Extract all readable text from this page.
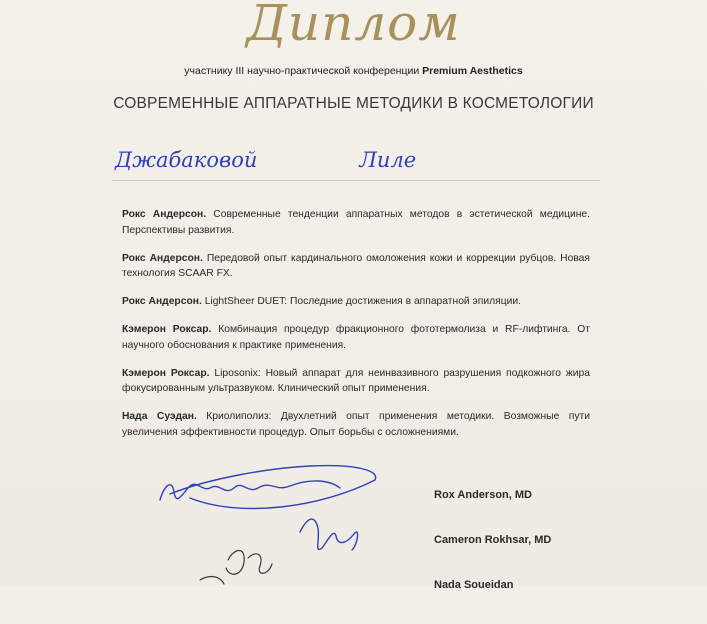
Диплом
участнику III научно-практической конференции Premium Aesthetics
СОВРЕМЕННЫЕ АППАРАТНЫЕ МЕТОДИКИ В КОСМЕТОЛОГИИ
Джабаковой	Лиле
Рокс Андерсон. Современные тенденции аппаратных методов в эстетической медицине. Перспективы развития.
Рокс Андерсон. Передовой опыт кардинального омоложения кожи и коррекции рубцов. Новая технология SCAAR FX.
Рокс Андерсон. LightSheer DUET: Последние достижения в аппаратной эпиляции.
Кэмерон Роксар. Комбинация процедур фракционного фототермолиза и RF-лифтинга. От научного обоснования к практике применения.
Кэмерон Роксар. Liposonix: Новый аппарат для неинвазивного разрушения подкожного жира фокусированным ультразвуком. Клинический опыт применения.
Нада Суэдан. Криолиполиз: Двухлетний опыт применения методики. Возможные пути увеличения эффективности процедур. Опыт борьбы с осложнениями.
Rox Anderson, MD
Cameron Rokhsar, MD
Nada Soueidan
